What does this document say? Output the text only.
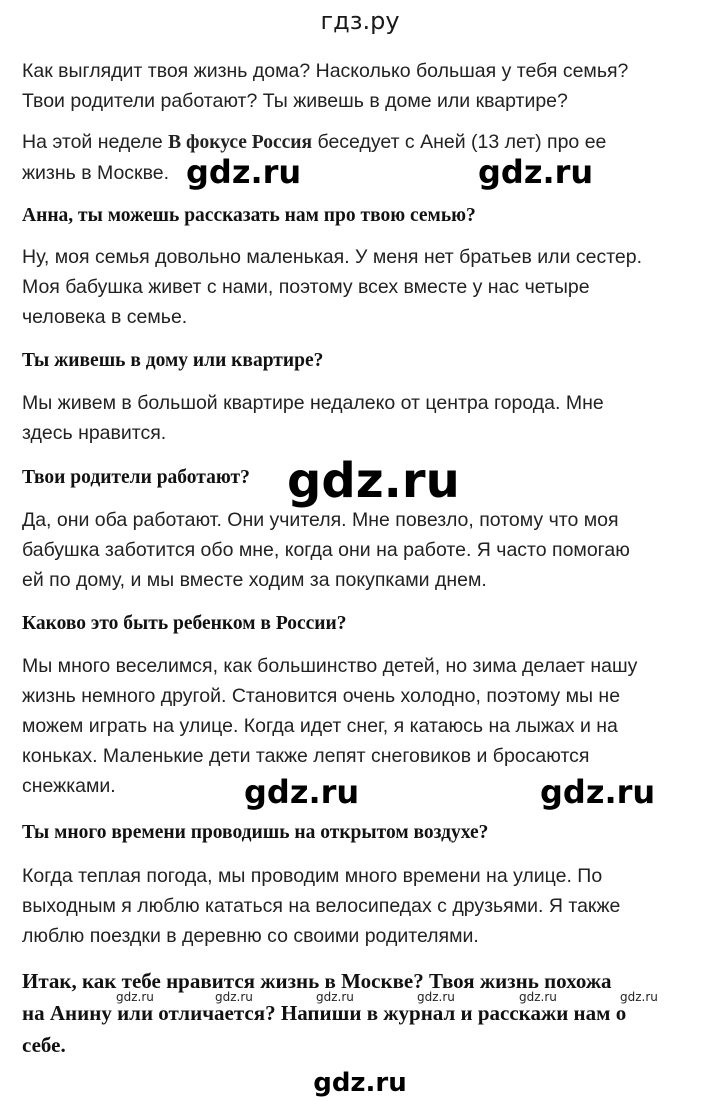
гдз.ру

Как выглядит твоя жизнь дома? Насколько большая у тебя семья?

Твои родители работают? Ты живешь в доме или квартире?

На этой неделе В фокусе Россия беседует с Аней (13 лет) про ее

жизнь в Москве.

Анна, ты можешь рассказать нам про твою семью?

Ну, моя семья довольно маленькая. У меня нет братьев или сестер.

Моя бабушка живет с нами, поэтому всех вместе у нас четыре

человека в семье.

Ты живешь в дому или квартире?

Мы живем в большой квартире недалеко от центра города. Мне

здесь нравится.

Твои родители работают?

Да, они оба работают. Они учителя. Мне повезло, потому что моя

бабушка заботится обо мне, когда они на работе. Я часто помогаю

ей по дому, и мы вместе ходим за покупками днем.

Каково это быть ребенком в России?

Мы много веселимся, как большинство детей, но зима делает нашу

жизнь немного другой. Становится очень холодно, поэтому мы не

можем играть на улице. Когда идет снег, я катаюсь на лыжах и на

коньках. Маленькие дети также лепят снеговиков и бросаются

снежками.

Ты много времени проводишь на открытом воздухе?

Когда теплая погода, мы проводим много времени на улице. По

выходным я люблю кататься на велосипедах с друзьями. Я также

люблю поездки в деревню со своими родителями.

Итак, как тебе нравится жизнь в Москве? Твоя жизнь похожа

на Анину или отличается? Напиши в журнал и расскажи нам о

себе.

gdz.ru	gdz.ru
gdz.ru
gdz.ru	gdz.ru
gdz.ru	gdz.ru	gdz.ru	gdz.ru	gdz.ru	gdz.ru
gdz.ru
